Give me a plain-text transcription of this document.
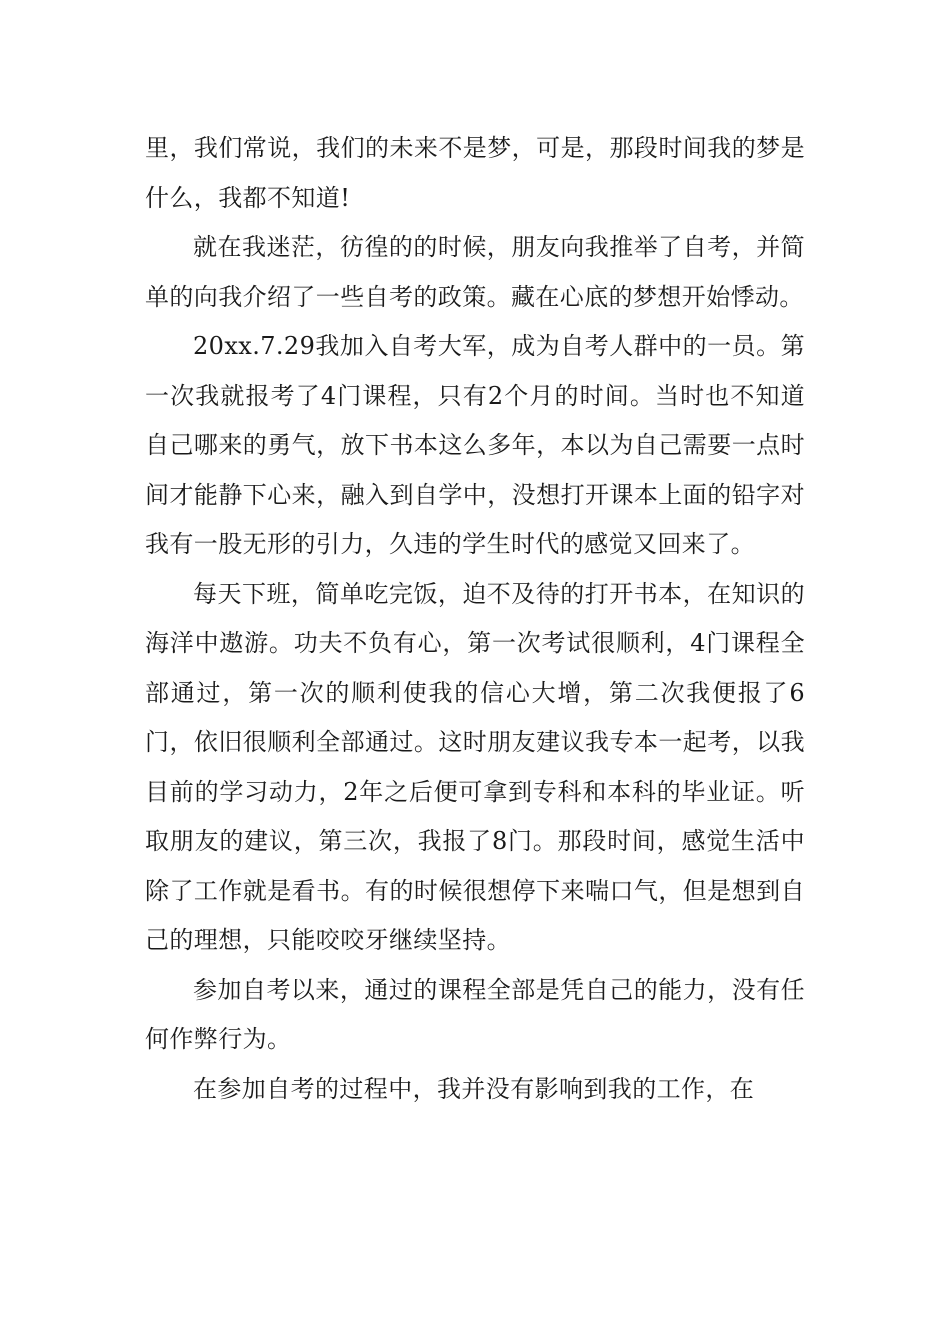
里，我们常说，我们的未来不是梦，可是，那段时间我的梦是什么，我都不知道!

就在我迷茫，彷徨的的时候，朋友向我推举了自考，并简单的向我介绍了一些自考的政策。藏在心底的梦想开始悸动。

20xx.7.29我加入自考大军，成为自考人群中的一员。第一次我就报考了4门课程，只有2个月的时间。当时也不知道自己哪来的勇气，放下书本这么多年，本以为自己需要一点时间才能静下心来，融入到自学中，没想打开课本上面的铅字对我有一股无形的引力，久违的学生时代的感觉又回来了。

每天下班，简单吃完饭，迫不及待的打开书本，在知识的海洋中遨游。功夫不负有心，第一次考试很顺利，4门课程全部通过，第一次的顺利使我的信心大增，第二次我便报了6门，依旧很顺利全部通过。这时朋友建议我专本一起考，以我目前的学习动力，2年之后便可拿到专科和本科的毕业证。听取朋友的建议，第三次，我报了8门。那段时间，感觉生活中除了工作就是看书。有的时候很想停下来喘口气，但是想到自己的理想，只能咬咬牙继续坚持。

参加自考以来，通过的课程全部是凭自己的能力，没有任何作弊行为。

在参加自考的过程中，我并没有影响到我的工作，在
